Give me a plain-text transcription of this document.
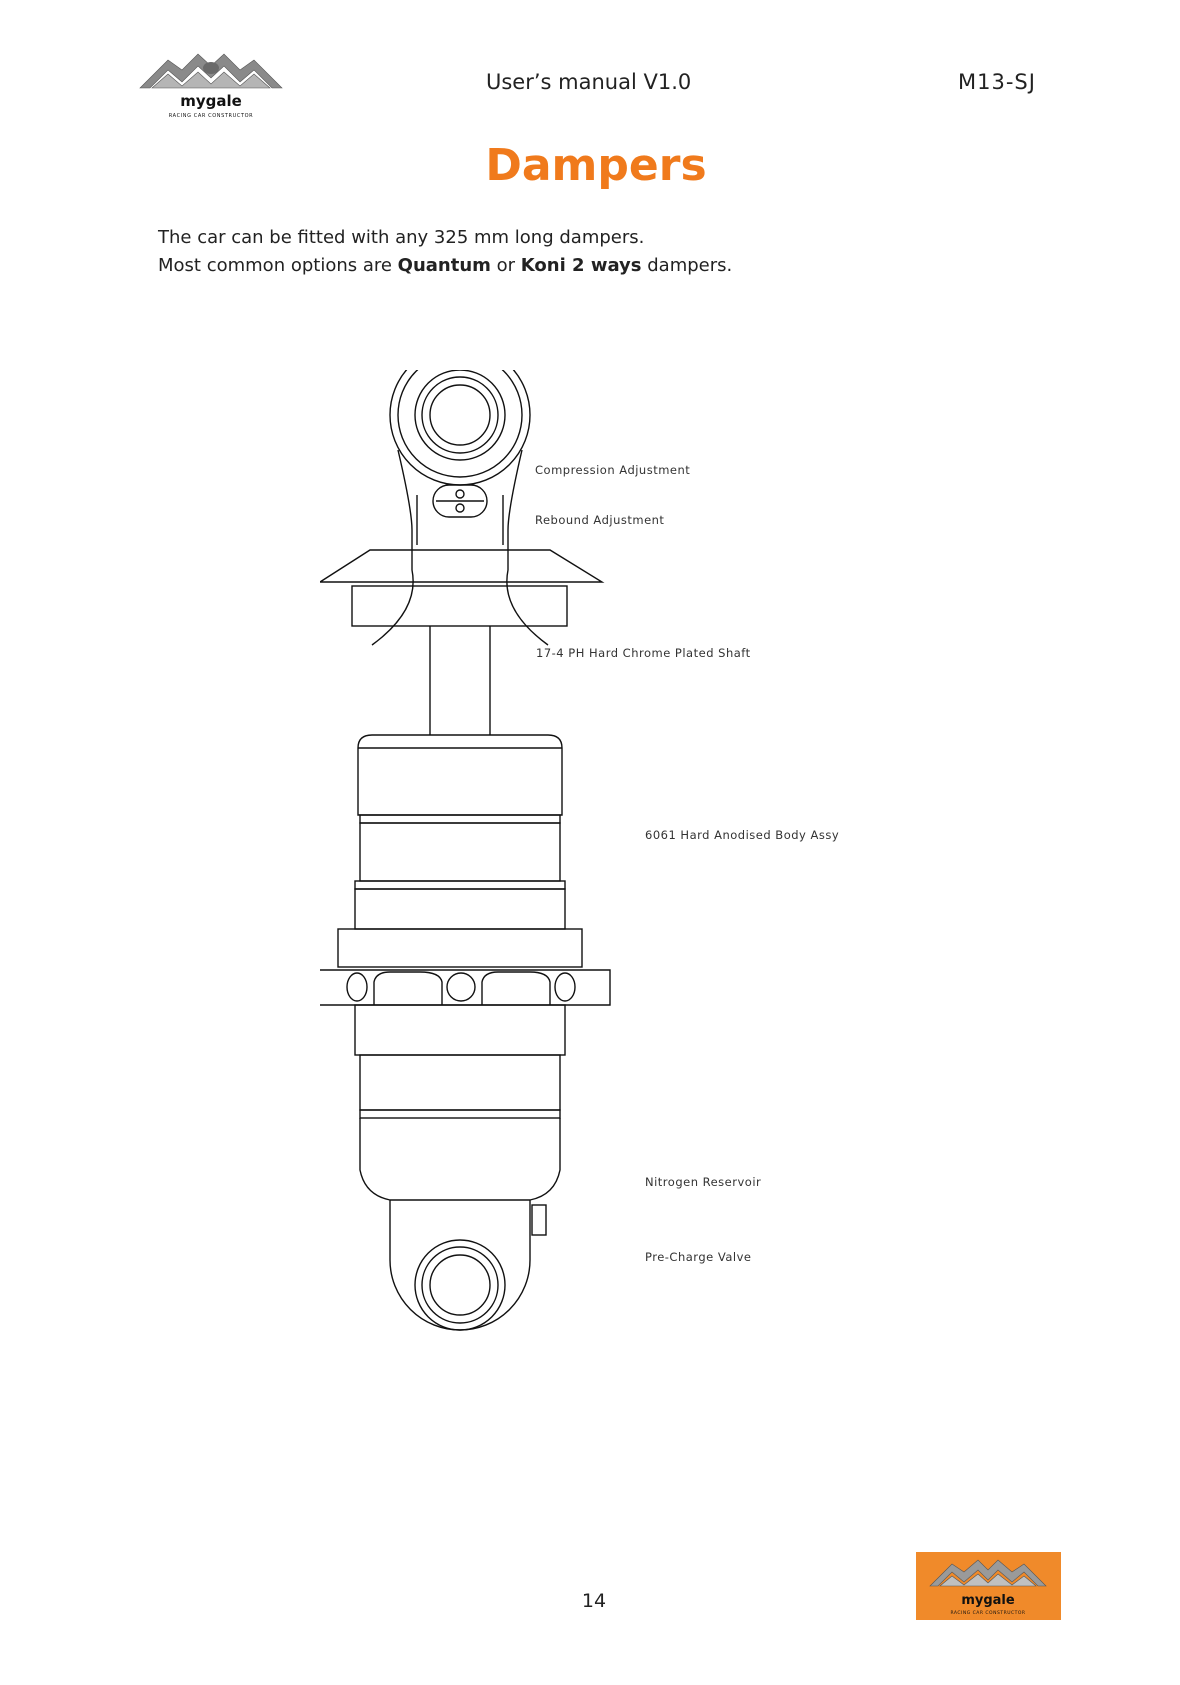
mygale
RACING CAR CONSTRUCTOR
User’s manual V1.0	M13-SJ
Dampers
The car can be fitted with any 325 mm long dampers.
Most common options are Quantum or Koni 2 ways dampers.
Compression Adjustment
Rebound Adjustment
17-4 PH Hard Chrome Plated Shaft
6061 Hard Anodised Body Assy
Nitrogen Reservoir
Pre-Charge Valve
14	mygale
RACING CAR CONSTRUCTOR
